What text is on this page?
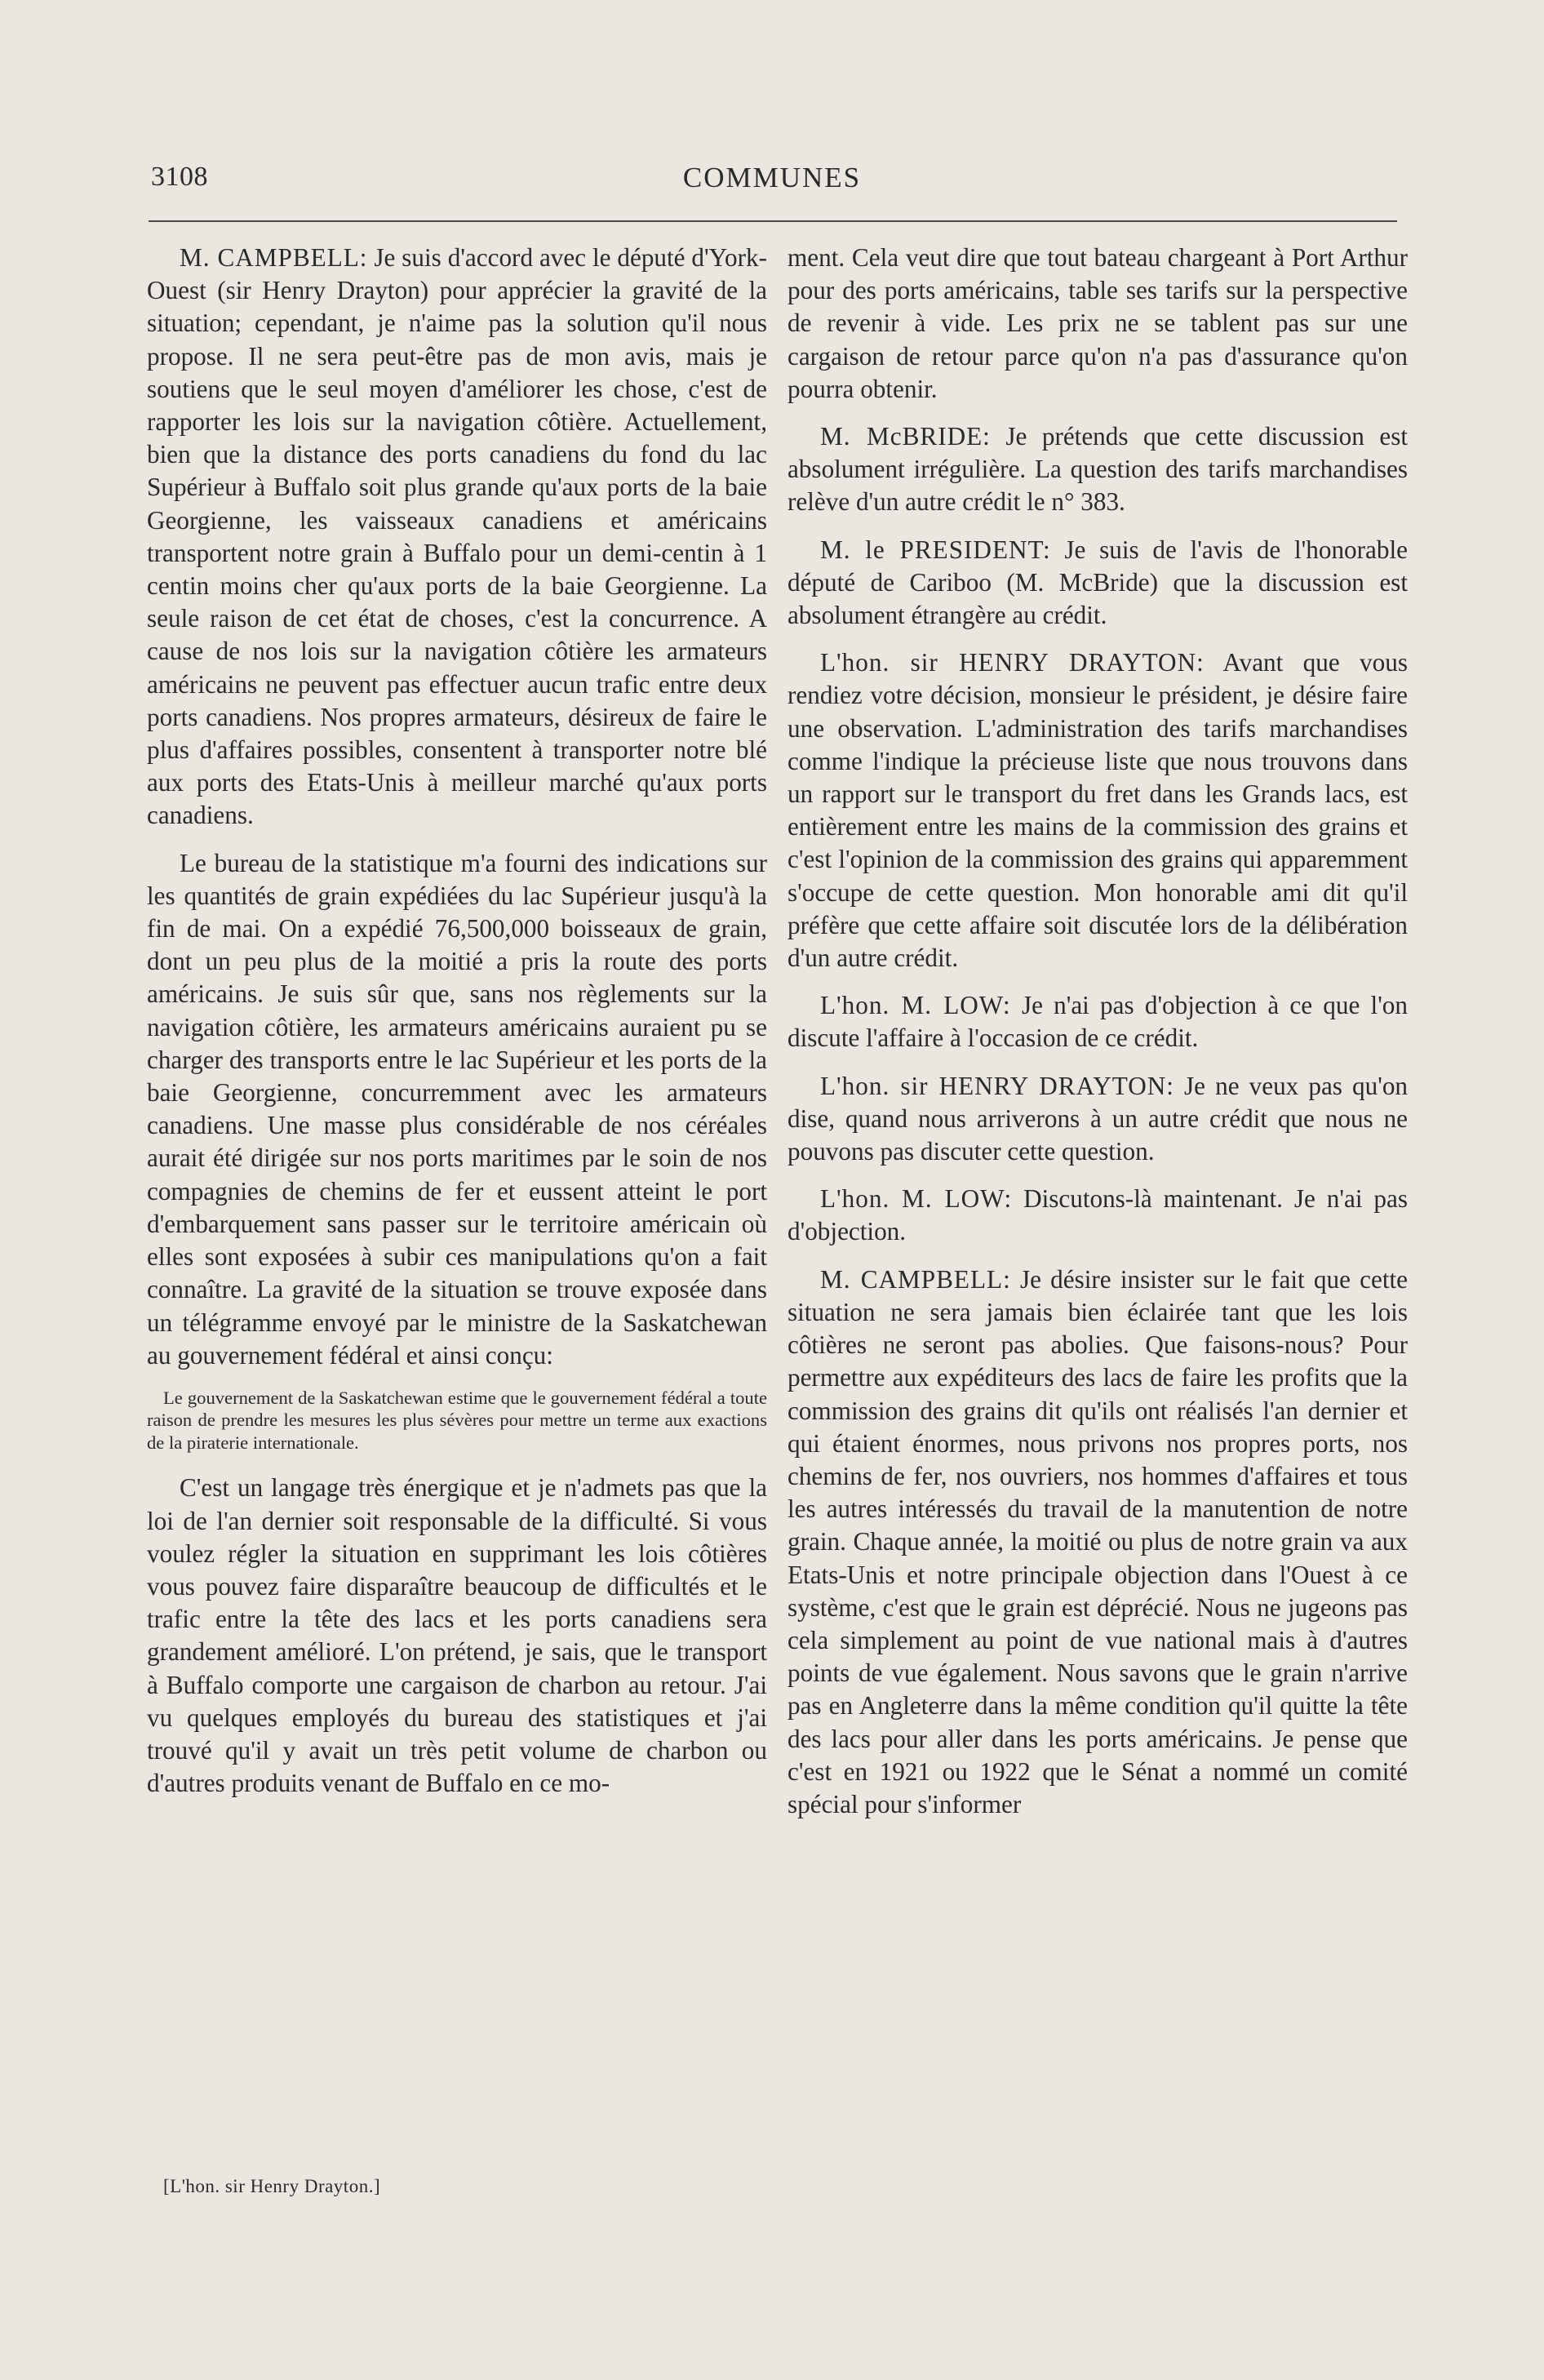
3108	COMMUNES

M. CAMPBELL: Je suis d'accord avec le député d'York-Ouest (sir Henry Drayton) pour apprécier la gravité de la situation; cependant, je n'aime pas la solution qu'il nous propose. Il ne sera peut-être pas de mon avis, mais je soutiens que le seul moyen d'améliorer les chose, c'est de rapporter les lois sur la navigation côtière. Actuellement, bien que la distance des ports canadiens du fond du lac Supérieur à Buffalo soit plus grande qu'aux ports de la baie Georgienne, les vaisseaux canadiens et américains transportent notre grain à Buffalo pour un demi-centin à 1 centin moins cher qu'aux ports de la baie Georgienne. La seule raison de cet état de choses, c'est la concurrence. A cause de nos lois sur la navigation côtière les armateurs américains ne peuvent pas effectuer aucun trafic entre deux ports canadiens. Nos propres armateurs, désireux de faire le plus d'affaires possibles, consentent à transporter notre blé aux ports des Etats-Unis à meilleur marché qu'aux ports canadiens.

Le bureau de la statistique m'a fourni des indications sur les quantités de grain expédiées du lac Supérieur jusqu'à la fin de mai. On a expédié 76,500,000 boisseaux de grain, dont un peu plus de la moitié a pris la route des ports américains. Je suis sûr que, sans nos règlements sur la navigation côtière, les armateurs américains auraient pu se charger des transports entre le lac Supérieur et les ports de la baie Georgienne, concurremment avec les armateurs canadiens. Une masse plus considérable de nos céréales aurait été dirigée sur nos ports maritimes par le soin de nos compagnies de chemins de fer et eussent atteint le port d'embarquement sans passer sur le territoire américain où elles sont exposées à subir ces manipulations qu'on a fait connaître. La gravité de la situation se trouve exposée dans un télégramme envoyé par le ministre de la Saskatchewan au gouvernement fédéral et ainsi conçu:

Le gouvernement de la Saskatchewan estime que le gouvernement fédéral a toute raison de prendre les mesures les plus sévères pour mettre un terme aux exactions de la piraterie internationale.

C'est un langage très énergique et je n'admets pas que la loi de l'an dernier soit responsable de la difficulté. Si vous voulez régler la situation en supprimant les lois côtières vous pouvez faire disparaître beaucoup de difficultés et le trafic entre la tête des lacs et les ports canadiens sera grandement amélioré. L'on prétend, je sais, que le transport à Buffalo comporte une cargaison de charbon au retour. J'ai vu quelques employés du bureau des statistiques et j'ai trouvé qu'il y avait un très petit volume de charbon ou d'autres produits venant de Buffalo en ce mo-

ment. Cela veut dire que tout bateau chargeant à Port Arthur pour des ports américains, table ses tarifs sur la perspective de revenir à vide. Les prix ne se tablent pas sur une cargaison de retour parce qu'on n'a pas d'assurance qu'on pourra obtenir.

M. McBRIDE: Je prétends que cette discussion est absolument irrégulière. La question des tarifs marchandises relève d'un autre crédit le n° 383.

M. le PRESIDENT: Je suis de l'avis de l'honorable député de Cariboo (M. McBride) que la discussion est absolument étrangère au crédit.

L'hon. sir HENRY DRAYTON: Avant que vous rendiez votre décision, monsieur le président, je désire faire une observation. L'administration des tarifs marchandises comme l'indique la précieuse liste que nous trouvons dans un rapport sur le transport du fret dans les Grands lacs, est entièrement entre les mains de la commission des grains et c'est l'opinion de la commission des grains qui apparemment s'occupe de cette question. Mon honorable ami dit qu'il préfère que cette affaire soit discutée lors de la délibération d'un autre crédit.

L'hon. M. LOW: Je n'ai pas d'objection à ce que l'on discute l'affaire à l'occasion de ce crédit.

L'hon. sir HENRY DRAYTON: Je ne veux pas qu'on dise, quand nous arriverons à un autre crédit que nous ne pouvons pas discuter cette question.

L'hon. M. LOW: Discutons-là maintenant. Je n'ai pas d'objection.

M. CAMPBELL: Je désire insister sur le fait que cette situation ne sera jamais bien éclairée tant que les lois côtières ne seront pas abolies. Que faisons-nous? Pour permettre aux expéditeurs des lacs de faire les profits que la commission des grains dit qu'ils ont réalisés l'an dernier et qui étaient énormes, nous privons nos propres ports, nos chemins de fer, nos ouvriers, nos hommes d'affaires et tous les autres intéressés du travail de la manutention de notre grain. Chaque année, la moitié ou plus de notre grain va aux Etats-Unis et notre principale objection dans l'Ouest à ce système, c'est que le grain est déprécié. Nous ne jugeons pas cela simplement au point de vue national mais à d'autres points de vue également. Nous savons que le grain n'arrive pas en Angleterre dans la même condition qu'il quitte la tête des lacs pour aller dans les ports américains. Je pense que c'est en 1921 ou 1922 que le Sénat a nommé un comité spécial pour s'informer

[L'hon. sir Henry Drayton.]
